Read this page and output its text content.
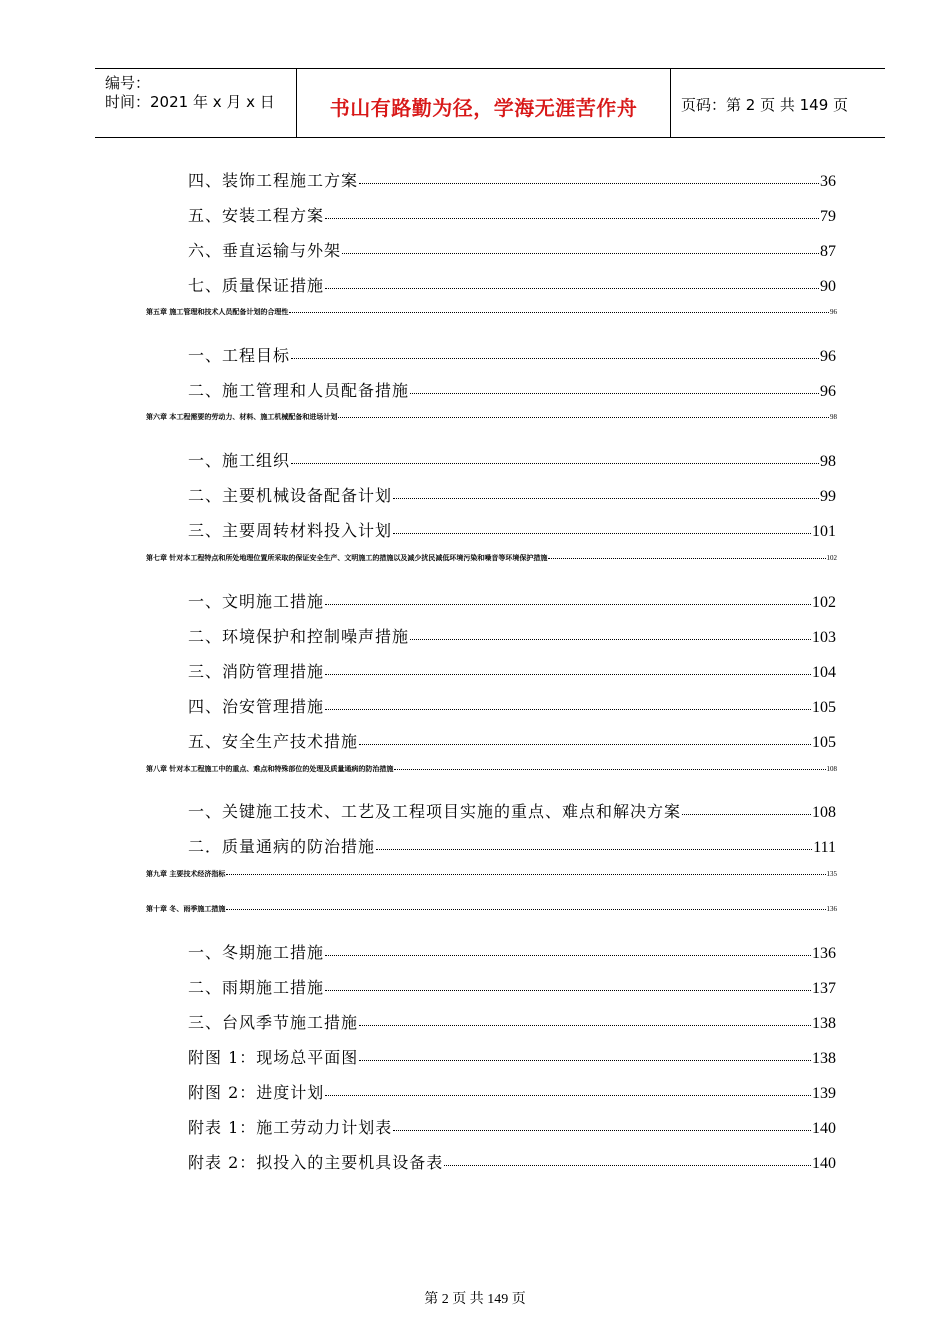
编号：
时间：2021 年 x 月 x 日	书山有路勤为径，学海无涯苦作舟	页码：第 2 页 共 149 页
四、装饰工程施工方案	36
五、安装工程方案	79
六、垂直运输与外架	87
七、质量保证措施	90
第五章 施工管理和技术人员配备计划的合理性	96
一、工程目标	96
二、施工管理和人员配备措施	96
第六章 本工程需要的劳动力、材料、施工机械配备和进场计划	98
一、施工组织	98
二、主要机械设备配备计划	99
三、主要周转材料投入计划	101
第七章 针对本工程特点和所处地理位置所采取的保证安全生产、文明施工的措施以及减少扰民减低环境污染和噪音等环境保护措施	102
一、文明施工措施	102
二、环境保护和控制噪声措施	103
三、消防管理措施	104
四、治安管理措施	105
五、安全生产技术措施	105
第八章 针对本工程施工中的重点、难点和特殊部位的处理及质量通病的防治措施	108
一、关键施工技术、工艺及工程项目实施的重点、难点和解决方案	108
二．质量通病的防治措施	111
第九章 主要技术经济指标	135
第十章 冬、雨季施工措施	136
一、冬期施工措施	136
二、雨期施工措施	137
三、台风季节施工措施	138
附图 1：现场总平面图	138
附图 2：进度计划	139
附表 1：施工劳动力计划表	140
附表 2：拟投入的主要机具设备表	140
第 2 页 共 149 页
